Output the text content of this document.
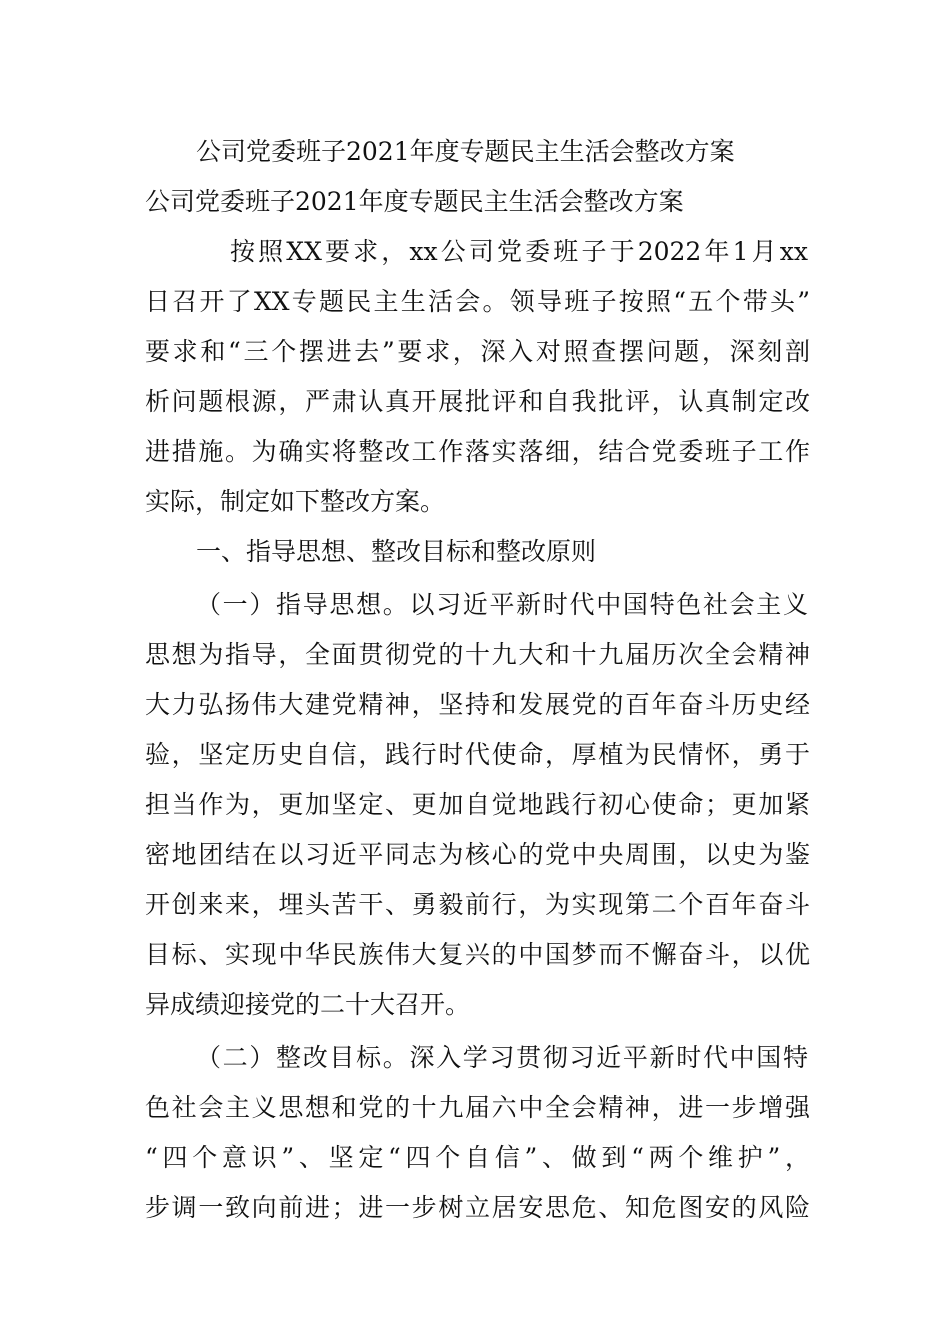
公司党委班子2021年度专题民主生活会整改方案
公司党委班子2021年度专题民主生活会整改方案
按照XX要求，xx公司党委班子于2022年1月xx
日召开了XX专题民主生活会。领导班子按照“五个带头”
要求和“三个摆进去”要求，深入对照查摆问题，深刻剖
析问题根源，严肃认真开展批评和自我批评，认真制定改
进措施。为确实将整改工作落实落细，结合党委班子工作
实际，制定如下整改方案。
一、指导思想、整改目标和整改原则
（一）指导思想。以习近平新时代中国特色社会主义
思想为指导，全面贯彻党的十九大和十九届历次全会精神
大力弘扬伟大建党精神，坚持和发展党的百年奋斗历史经
验，坚定历史自信，践行时代使命，厚植为民情怀，勇于
担当作为，更加坚定、更加自觉地践行初心使命；更加紧
密地团结在以习近平同志为核心的党中央周围，以史为鉴
开创来来，埋头苦干、勇毅前行，为实现第二个百年奋斗
目标、实现中华民族伟大复兴的中国梦而不懈奋斗，以优
异成绩迎接党的二十大召开。
（二）整改目标。深入学习贯彻习近平新时代中国特
色社会主义思想和党的十九届六中全会精神，进一步增强
“四个意识”、坚定“四个自信”、做到“两个维护”，
步调一致向前进；进一步树立居安思危、知危图安的风险
